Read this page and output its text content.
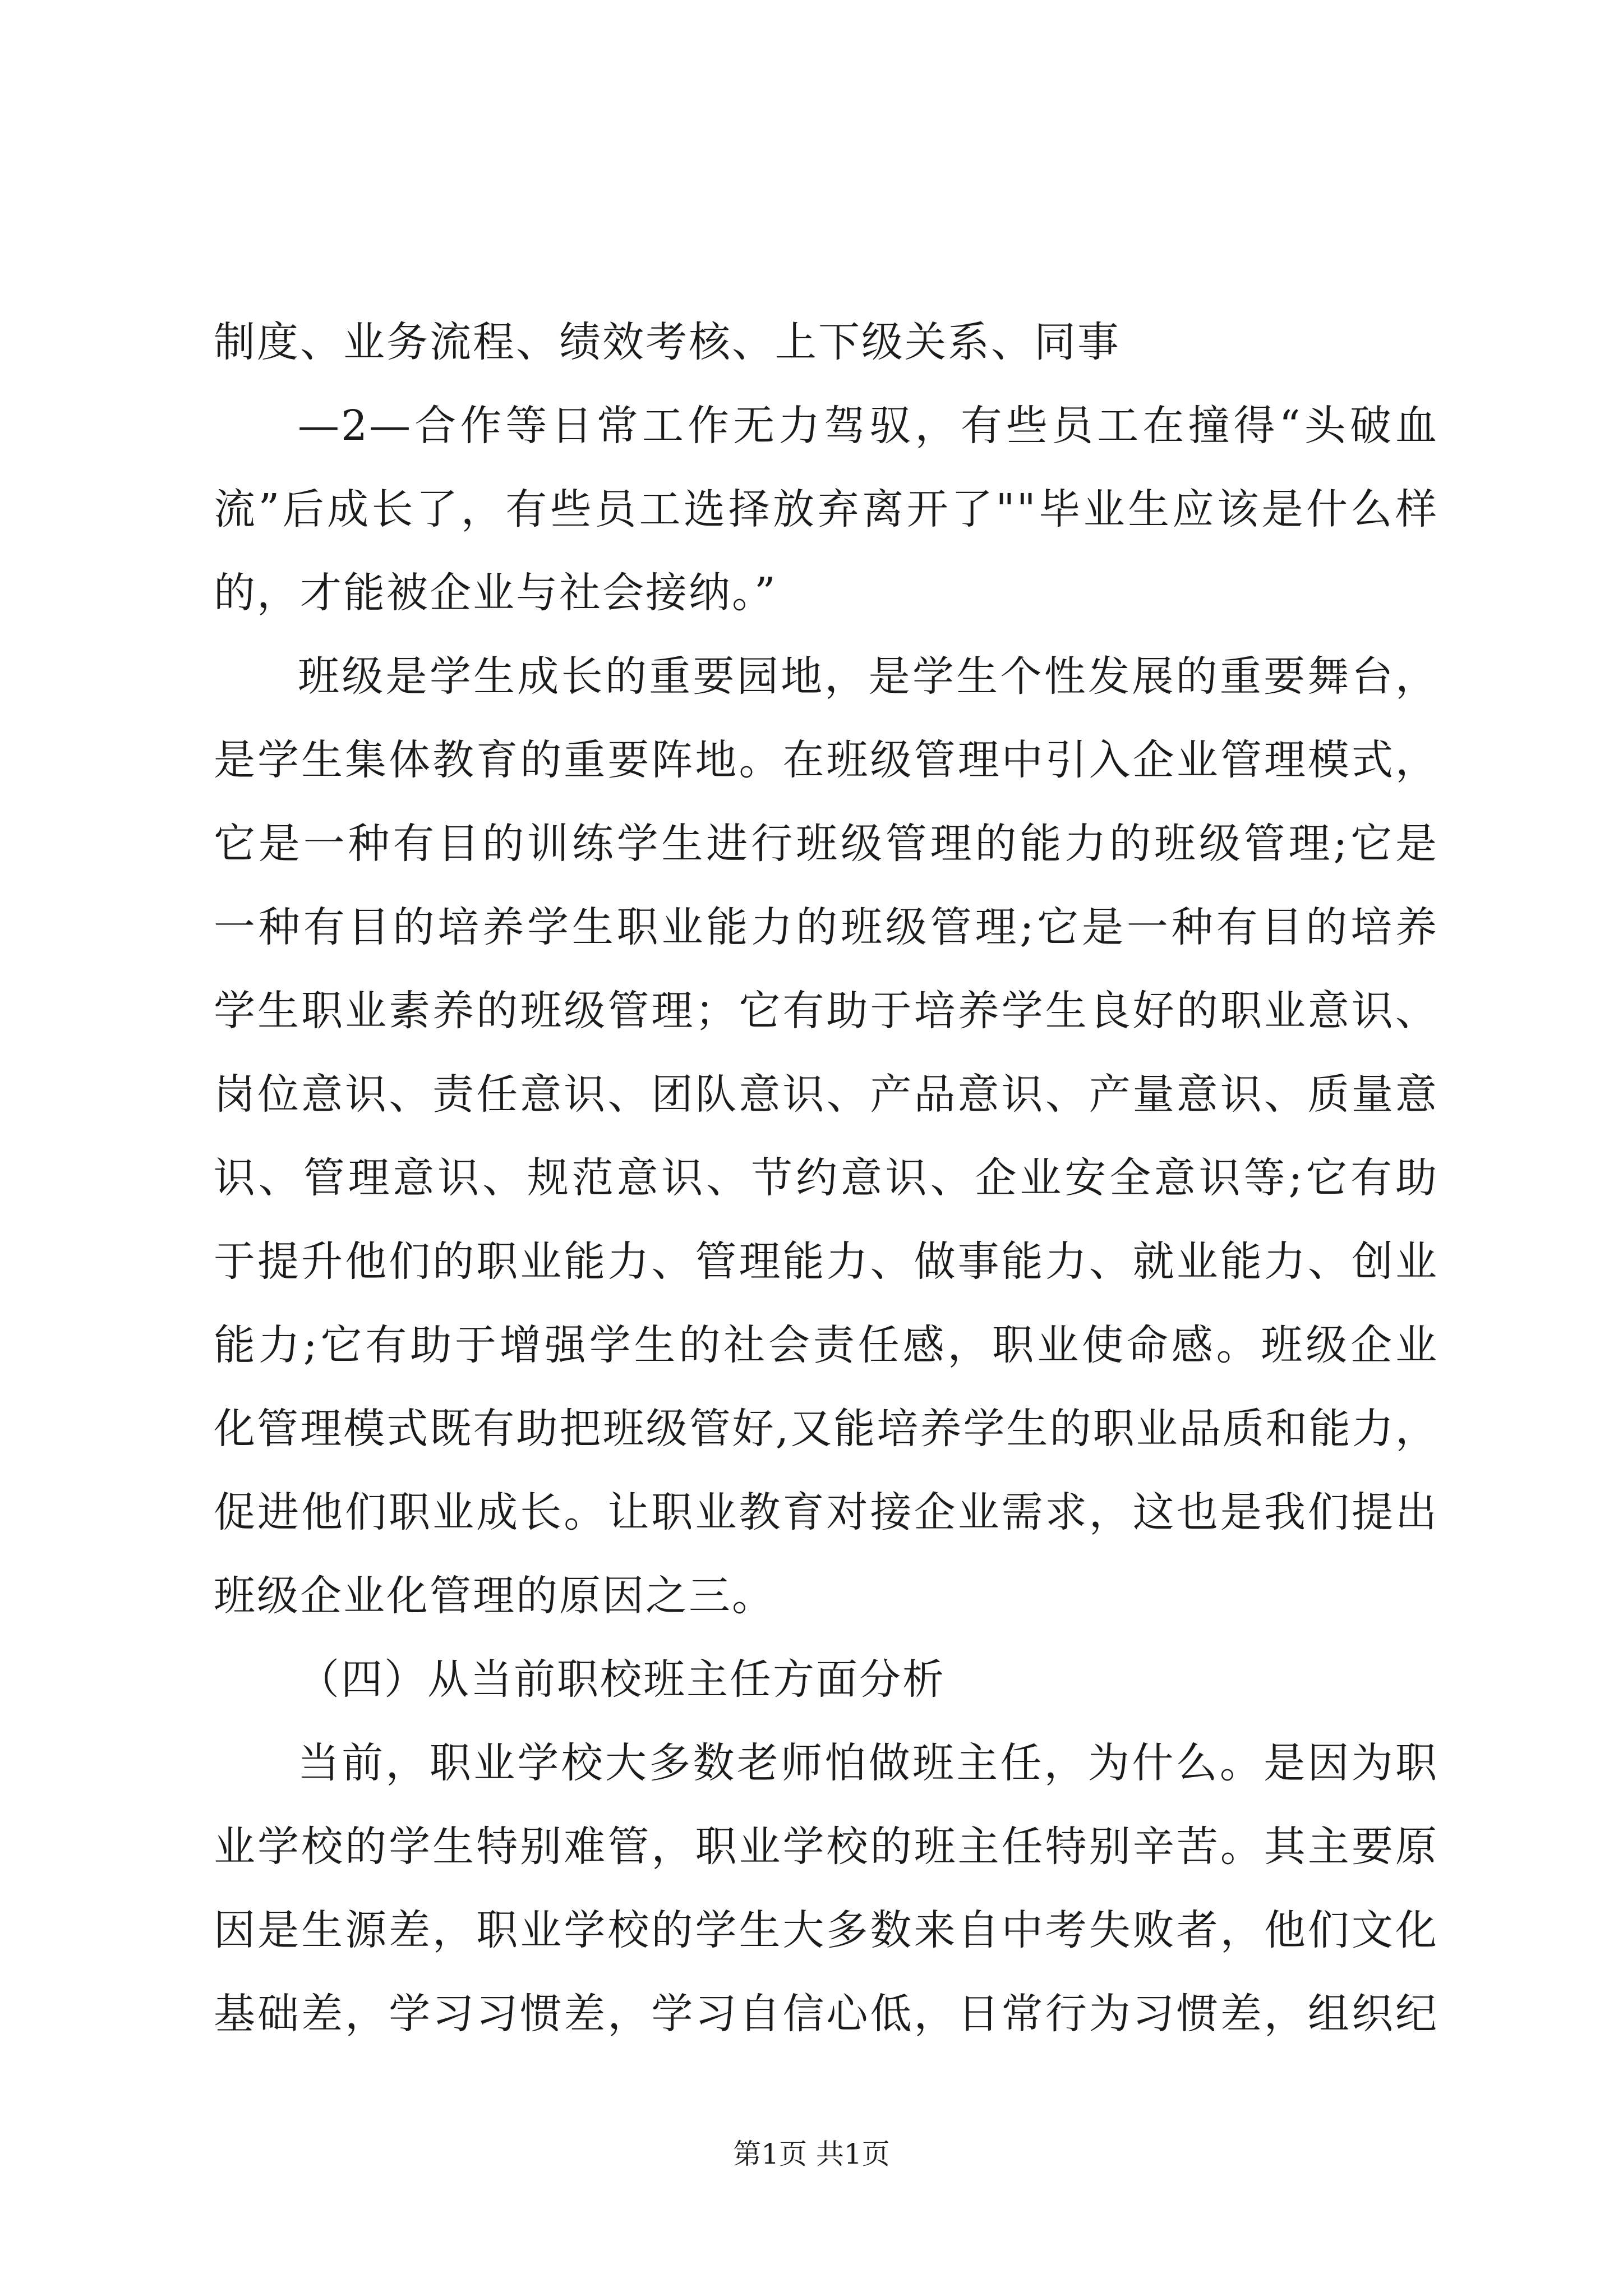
制度、业务流程、绩效考核、上下级关系、同事
—2—合作等日常工作无力驾驭，有些员工在撞得“头破血
流”后成长了，有些员工选择放弃离开了""毕业生应该是什么样
的，才能被企业与社会接纳。”
班级是学生成长的重要园地，是学生个性发展的重要舞台，
是学生集体教育的重要阵地。在班级管理中引入企业管理模式，
它是一种有目的训练学生进行班级管理的能力的班级管理;它是
一种有目的培养学生职业能力的班级管理;它是一种有目的培养
学生职业素养的班级管理；它有助于培养学生良好的职业意识、
岗位意识、责任意识、团队意识、产品意识、产量意识、质量意
识、管理意识、规范意识、节约意识、企业安全意识等;它有助
于提升他们的职业能力、管理能力、做事能力、就业能力、创业
能力;它有助于增强学生的社会责任感，职业使命感。班级企业
化管理模式既有助把班级管好,又能培养学生的职业品质和能力，
促进他们职业成长。让职业教育对接企业需求，这也是我们提出
班级企业化管理的原因之三。
（四）从当前职校班主任方面分析
当前，职业学校大多数老师怕做班主任，为什么。是因为职
业学校的学生特别难管，职业学校的班主任特别辛苦。其主要原
因是生源差，职业学校的学生大多数来自中考失败者，他们文化
基础差，学习习惯差，学习自信心低，日常行为习惯差，组织纪
第1页 共1页
